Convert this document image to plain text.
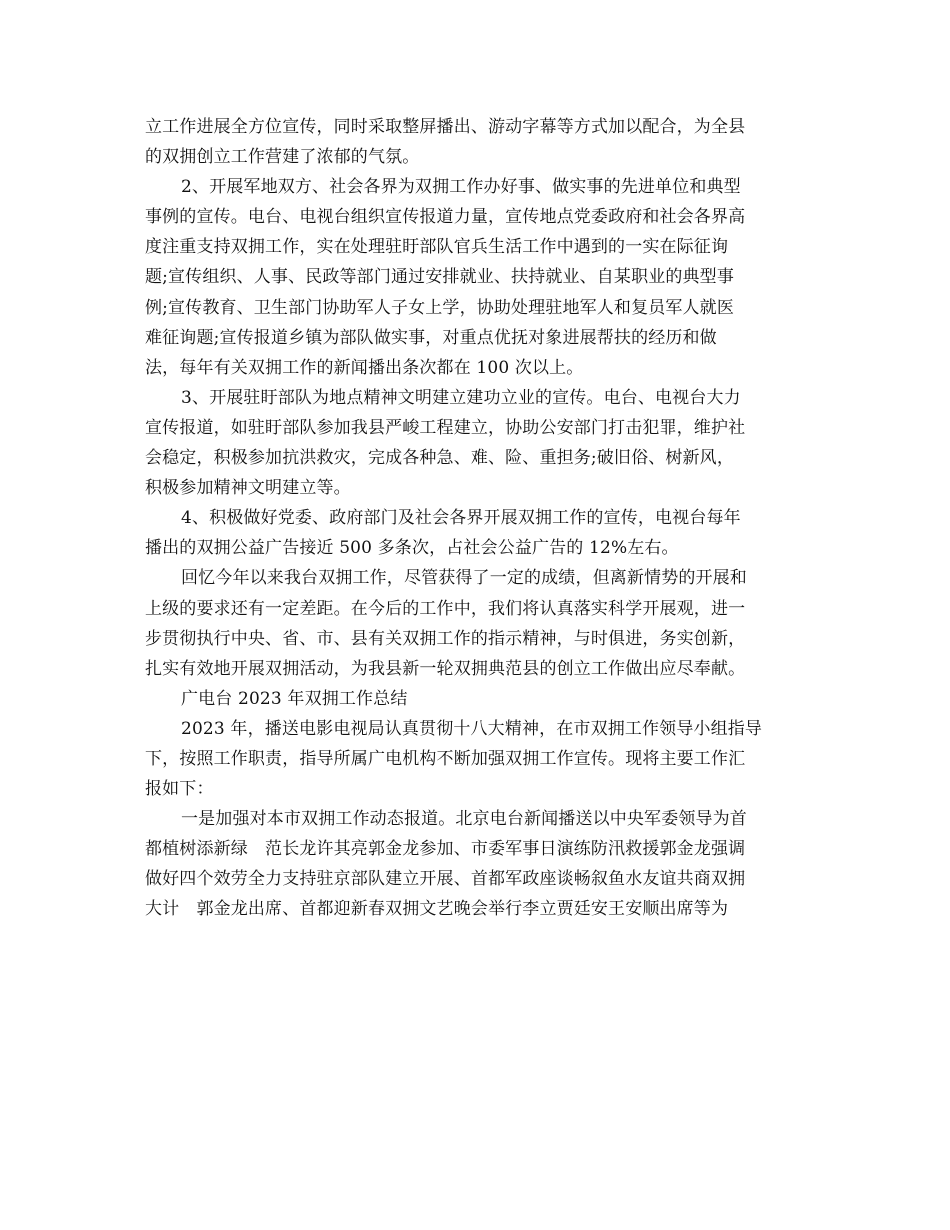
立工作进展全方位宣传，同时采取整屏播出、游动字幕等方式加以配合，为全县
的双拥创立工作营建了浓郁的气氛。
2、开展军地双方、社会各界为双拥工作办好事、做实事的先进单位和典型
事例的宣传。电台、电视台组织宣传报道力量，宣传地点党委政府和社会各界高
度注重支持双拥工作，实在处理驻盱部队官兵生活工作中遇到的一实在际征询
题;宣传组织、人事、民政等部门通过安排就业、扶持就业、自某职业的典型事
例;宣传教育、卫生部门协助军人子女上学，协助处理驻地军人和复员军人就医
难征询题;宣传报道乡镇为部队做实事，对重点优抚对象进展帮扶的经历和做
法，每年有关双拥工作的新闻播出条次都在 100 次以上。
3、开展驻盱部队为地点精神文明建立建功立业的宣传。电台、电视台大力
宣传报道，如驻盱部队参加我县严峻工程建立，协助公安部门打击犯罪，维护社
会稳定，积极参加抗洪救灾，完成各种急、难、险、重担务;破旧俗、树新风，
积极参加精神文明建立等。
4、积极做好党委、政府部门及社会各界开展双拥工作的宣传，电视台每年
播出的双拥公益广告接近 500 多条次，占社会公益广告的 12%左右。
回忆今年以来我台双拥工作，尽管获得了一定的成绩，但离新情势的开展和
上级的要求还有一定差距。在今后的工作中，我们将认真落实科学开展观，进一
步贯彻执行中央、省、市、县有关双拥工作的指示精神，与时俱进，务实创新，
扎实有效地开展双拥活动，为我县新一轮双拥典范县的创立工作做出应尽奉献。
广电台 2023 年双拥工作总结
2023 年，播送电影电视局认真贯彻十八大精神，在市双拥工作领导小组指导
下，按照工作职责，指导所属广电机构不断加强双拥工作宣传。现将主要工作汇
报如下：
一是加强对本市双拥工作动态报道。北京电台新闻播送以中央军委领导为首
都植树添新绿　范长龙许其亮郭金龙参加、市委军事日演练防汛救援郭金龙强调
做好四个效劳全力支持驻京部队建立开展、首都军政座谈畅叙鱼水友谊共商双拥
大计　郭金龙出席、首都迎新春双拥文艺晚会举行李立贾廷安王安顺出席等为
